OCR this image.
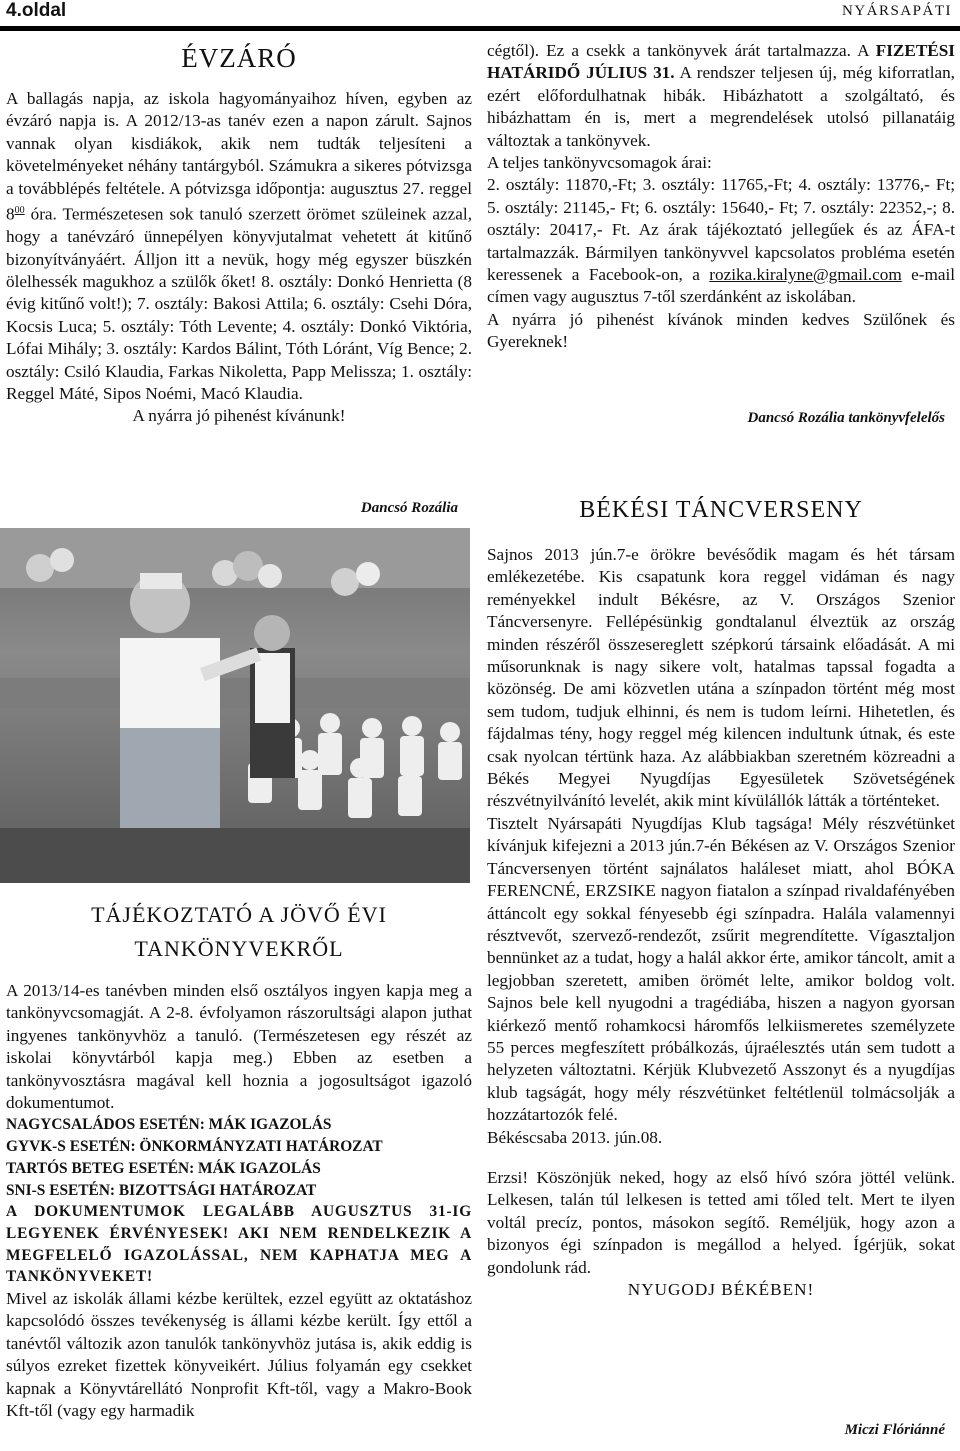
4.oldal	NYÁRSAPÁTI
ÉVZÁRÓ

A ballagás napja, az iskola hagyományaihoz híven, egyben az évzáró napja is. A 2012/13-as tanév ezen a napon zárult. Sajnos vannak olyan kisdiákok, akik nem tudták teljesíteni a követelményeket néhány tantárgyból. Számukra a sikeres pótvizsga a továbblépés feltétele. A pótvizsga időpontja: augusztus 27. reggel $8^{00}$ óra. Természetesen sok tanuló szerzett örömet szüleinek azzal, hogy a tanévzáró ünnepélyen könyvjutalmat vehetett át kitűnő bizonyítványáért. Álljon itt a nevük, hogy még egyszer büszkén ölelhessék magukhoz a szülők őket! 8. osztály: Donkó Henrietta (8 évig kitűnő volt!); 7. osztály: Bakosi Attila; 6. osztály: Csehi Dóra, Kocsis Luca; 5. osztály: Tóth Levente; 4. osztály: Donkó Viktória, Lófai Mihály; 3. osztály: Kardos Bálint, Tóth Lóránt, Víg Bence; 2. osztály: Csiló Klaudia, Farkas Nikoletta, Papp Melissza; 1. osztály: Reggel Máté, Sipos Noémi, Macó Klaudia.

A nyárra jó pihenést kívánunk!

Dancsó Rozália
TÁJÉKOZTATÓ A JÖVŐ ÉVI
TANKÖNYVEKRŐL

A 2013/14-es tanévben minden első osztályos ingyen kapja meg a tankönyvcsomagját. A 2-8. évfolyamon rászorultsági alapon juthat ingyenes tankönyvhöz a tanuló. (Természetesen egy részét az iskolai könyvtárból kapja meg.) Ebben az esetben a tankönyvosztásra magával kell hoznia a jogosultságot igazoló dokumentumot.

NAGYCSALÁDOS ESETÉN: MÁK IGAZOLÁS

GYVK-S ESETÉN: ÖNKORMÁNYZATI HATÁROZAT

TARTÓS BETEG ESETÉN: MÁK IGAZOLÁS

SNI-S ESETÉN: BIZOTTSÁGI HATÁROZAT

A DOKUMENTUMOK LEGALÁBB AUGUSZTUS 31-IG LEGYENEK ÉRVÉNYESEK! AKI NEM RENDELKEZIK A MEGFELELŐ IGAZOLÁSSAL, NEM KAPHATJA MEG A TANKÖNYVEKET!

Mivel az iskolák állami kézbe kerültek, ezzel együtt az oktatáshoz kapcsolódó összes tevékenység is állami kézbe került. Így ettől a tanévtől változik azon tanulók tankönyvhöz jutása is, akik eddig is súlyos ezreket fizettek könyveikért. Július folyamán egy csekket kapnak a Könyvtárellátó Nonprofit Kft-től, vagy a Makro-Book Kft-től (vagy egy harmadik

cégtől). Ez a csekk a tankönyvek árát tartalmazza. A FIZETÉSI HATÁRIDŐ JÚLIUS 31. A rendszer teljesen új, még kiforratlan, ezért előfordulhatnak hibák. Hibázhatott a szolgáltató, és hibázhattam én is, mert a megrendelések utolsó pillanatáig változtak a tankönyvek.

A teljes tankönyvcsomagok árai:

2. osztály: 11870,-Ft; 3. osztály: 11765,-Ft; 4. osztály: 13776,- Ft; 5. osztály: 21145,- Ft; 6. osztály: 15640,- Ft; 7. osztály: 22352,-; 8. osztály: 20417,- Ft. Az árak tájékoztató jellegűek és az ÁFA-t tartalmazzák. Bármilyen tankönyvvel kapcsolatos probléma esetén keressenek a Facebook-on, a rozika.kiralyne@gmail.com e-mail címen vagy augusztus 7-től szerdánként az iskolában.

A nyárra jó pihenést kívánok minden kedves Szülőnek és Gyereknek!

Dancsó Rozália tankönyvfelelős
BÉKÉSI TÁNCVERSENY

Sajnos 2013 jún.7-e örökre bevésődik magam és hét társam emlékezetébe. Kis csapatunk kora reggel vidáman és nagy reményekkel indult Békésre, az V. Országos Szenior Táncversenyre. Fellépésünkig gondtalanul élveztük az ország minden részéről összesereglett szépkorú társaink előadását. A mi műsorunknak is nagy sikere volt, hatalmas tapssal fogadta a közönség. De ami közvetlen utána a színpadon történt még most sem tudom, tudjuk elhinni, és nem is tudom leírni. Hihetetlen, és fájdalmas tény, hogy reggel még kilencen indultunk útnak, és este csak nyolcan tértünk haza. Az alábbiakban szeretném közreadni a Békés Megyei Nyugdíjas Egyesületek Szövetségének részvétnyilvánító levelét, akik mint kívülállók látták a történteket.

Tisztelt Nyársapáti Nyugdíjas Klub tagsága! Mély részvétünket kívánjuk kifejezni a 2013 jún.7-én Békésen az V. Országos Szenior Táncversenyen történt sajnálatos haláleset miatt, ahol BÓKA FERENCNÉ, ERZSIKE nagyon fiatalon a színpad rivaldafényében áttáncolt egy sokkal fényesebb égi színpadra. Halála valamennyi résztvevőt, szervező-rendezőt, zsűrit megrendítette. Vígasztaljon bennünket az a tudat, hogy a halál akkor érte, amikor táncolt, amit a legjobban szeretett, amiben örömét lelte, amikor boldog volt. Sajnos bele kell nyugodni a tragédiába, hiszen a nagyon gyorsan kiérkező mentő rohamkocsi háromfős lelkiismeretes személyzete 55 perces megfeszített próbálkozás, újraélesztés után sem tudott a helyzeten változtatni. Kérjük Klubvezető Asszonyt és a nyugdíjas klub tagságát, hogy mély részvétünket feltétlenül tolmácsolják a hozzátartozók felé.

Békéscsaba 2013. jún.08.

Erzsi! Köszönjük neked, hogy az első hívó szóra jöttél velünk. Lelkesen, talán túl lelkesen is tetted ami tőled telt. Mert te ilyen voltál precíz, pontos, másokon segítő. Reméljük, hogy azon a bizonyos égi színpadon is megállod a helyed. Ígérjük, sokat gondolunk rád.

NYUGODJ BÉKÉBEN!

Miczi Flóriánné
